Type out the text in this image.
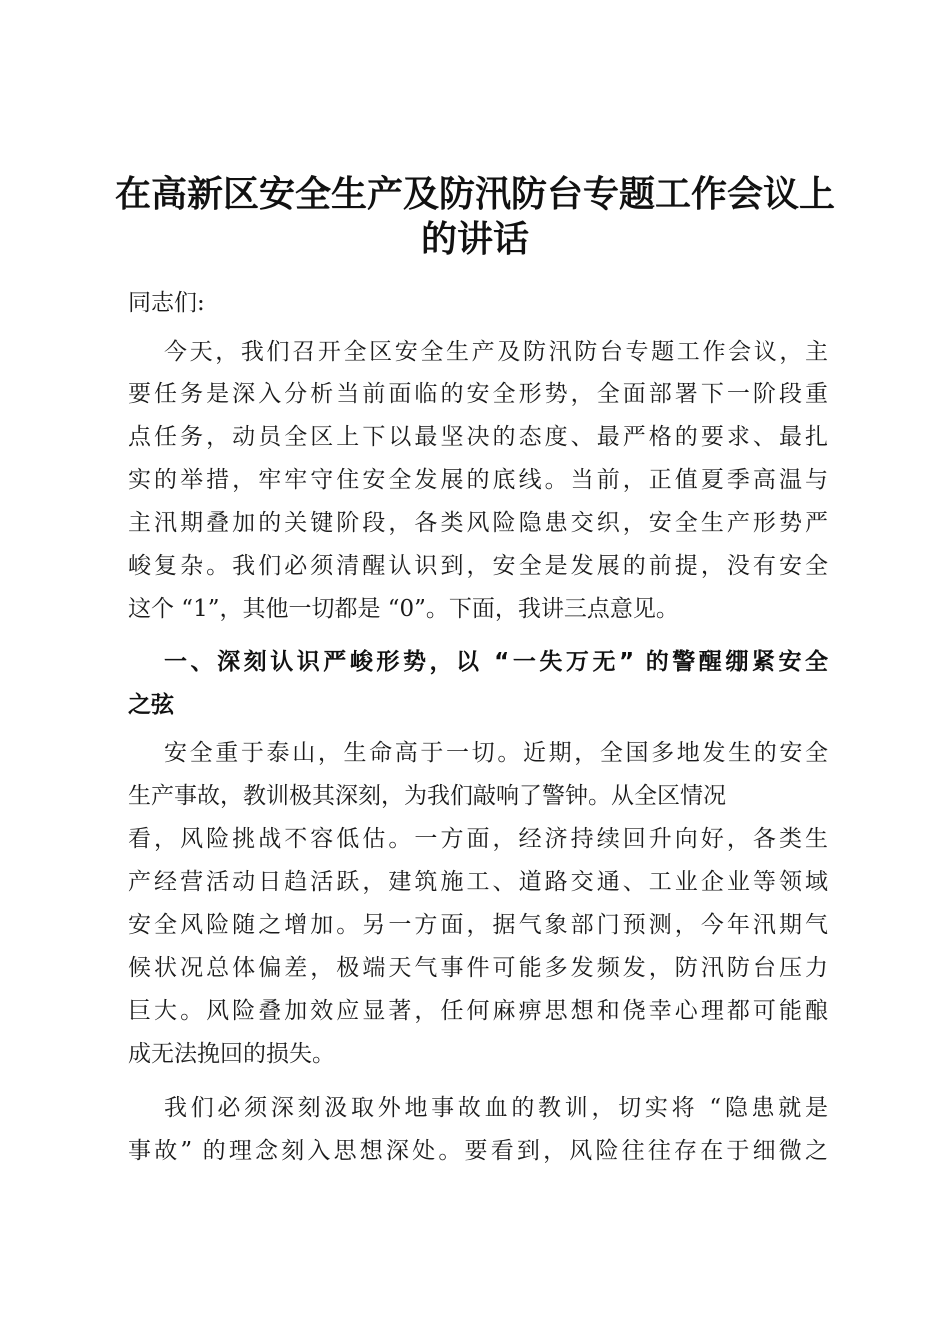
在高新区安全生产及防汛防台专题工作会议上
的讲话
同志们:
今天，我们召开全区安全生产及防汛防台专题工作会议，主
要任务是深入分析当前面临的安全形势，全面部署下一阶段重
点任务，动员全区上下以最坚决的态度、最严格的要求、最扎
实的举措，牢牢守住安全发展的底线。当前，正值夏季高温与
主汛期叠加的关键阶段，各类风险隐患交织，安全生产形势严
峻复杂。我们必须清醒认识到，安全是发展的前提，没有安全
这个 “1”，其他一切都是 “0”。下面，我讲三点意见。
一、深刻认识严峻形势，以 “一失万无” 的警醒绷紧安全
之弦
安全重于泰山，生命高于一切。近期，全国多地发生的安全
生产事故，教训极其深刻，为我们敲响了警钟。从全区情况
看，风险挑战不容低估。一方面，经济持续回升向好，各类生
产经营活动日趋活跃，建筑施工、道路交通、工业企业等领域
安全风险随之增加。另一方面，据气象部门预测，今年汛期气
候状况总体偏差，极端天气事件可能多发频发，防汛防台压力
巨大。风险叠加效应显著，任何麻痹思想和侥幸心理都可能酿
成无法挽回的损失。
我们必须深刻汲取外地事故血的教训，切实将 “隐患就是
事故” 的理念刻入思想深处。要看到，风险往往存在于细微之
